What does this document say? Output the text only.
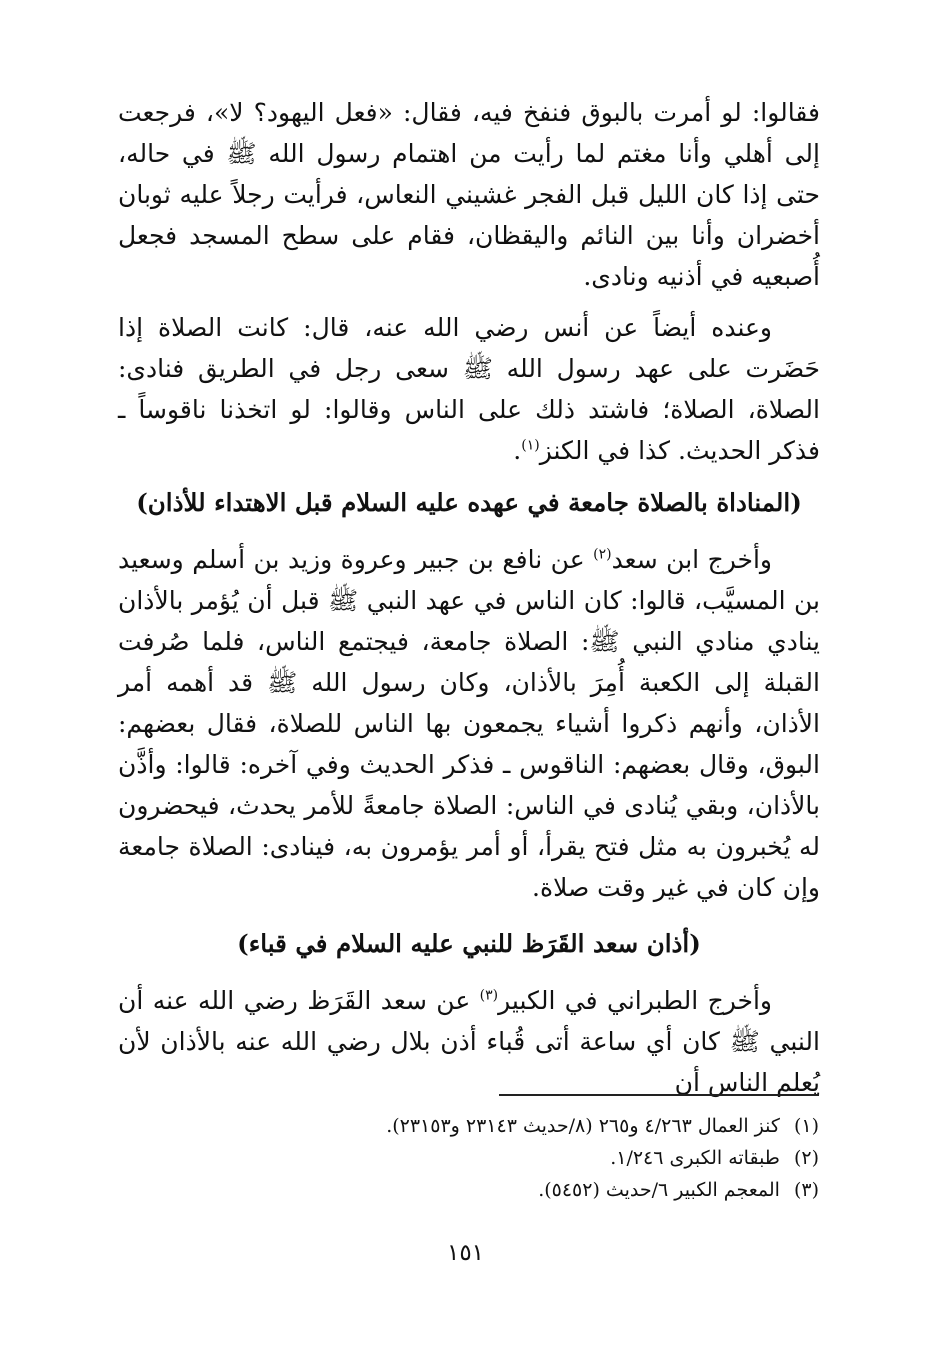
فقالوا: لو أمرت بالبوق فنفخ فيه، فقال: «فعل اليهود؟ لا»، فرجعت إلى أهلي وأنا مغتم لما رأيت من اهتمام رسول الله ﷺ في حاله، حتى إذا كان الليل قبل الفجر غشيني النعاس، فرأيت رجلاً عليه ثوبان أخضران وأنا بين النائم واليقظان، فقام على سطح المسجد فجعل أُصبعيه في أذنيه ونادى.

وعنده أيضاً عن أنس رضي الله عنه، قال: كانت الصلاة إذا حَضَرت على عهد رسول الله ﷺ سعى رجل في الطريق فنادى: الصلاة، الصلاة؛ فاشتد ذلك على الناس وقالوا: لو اتخذنا ناقوساً ـ فذكر الحديث. كذا في الكنز$^{(١)}$.

(المناداة بالصلاة جامعة في عهده عليه السلام قبل الاهتداء للأذان)

وأخرج ابن سعد$^{(٢)}$ عن نافع بن جبير وعروة وزيد بن أسلم وسعيد بن المسيَّب، قالوا: كان الناس في عهد النبي ﷺ قبل أن يُؤمر بالأذان ينادي منادي النبي ﷺ: الصلاة جامعة، فيجتمع الناس، فلما صُرفت القبلة إلى الكعبة أُمِرَ بالأذان، وكان رسول الله ﷺ قد أهمه أمر الأذان، وأنهم ذكروا أشياء يجمعون بها الناس للصلاة، فقال بعضهم: البوق، وقال بعضهم: الناقوس ـ فذكر الحديث وفي آخره: قالوا: وأذَّن بالأذان، وبقي يُنادى في الناس: الصلاة جامعةً للأمر يحدث، فيحضرون له يُخبرون به مثل فتح يقرأ، أو أمر يؤمرون به، فينادى: الصلاة جامعة وإن كان في غير وقت صلاة.

(أذان سعد القَرَظ للنبي عليه السلام في قباء)

وأخرج الطبراني في الكبير$^{(٣)}$ عن سعد القَرَظ رضي الله عنه أن النبي ﷺ كان أي ساعة أتى قُباء أذن بلال رضي الله عنه بالأذان لأن يُعلم الناس أن

(١)كنز العمال ٤/٢٦٣ و٢٦٥ (٨/حديث ٢٣١٤٣ و٢٣١٥٣).
(٢)طبقاته الكبرى ١/٢٤٦.
(٣)المعجم الكبير ٦/حديث (٥٤٥٢).
١٥١
